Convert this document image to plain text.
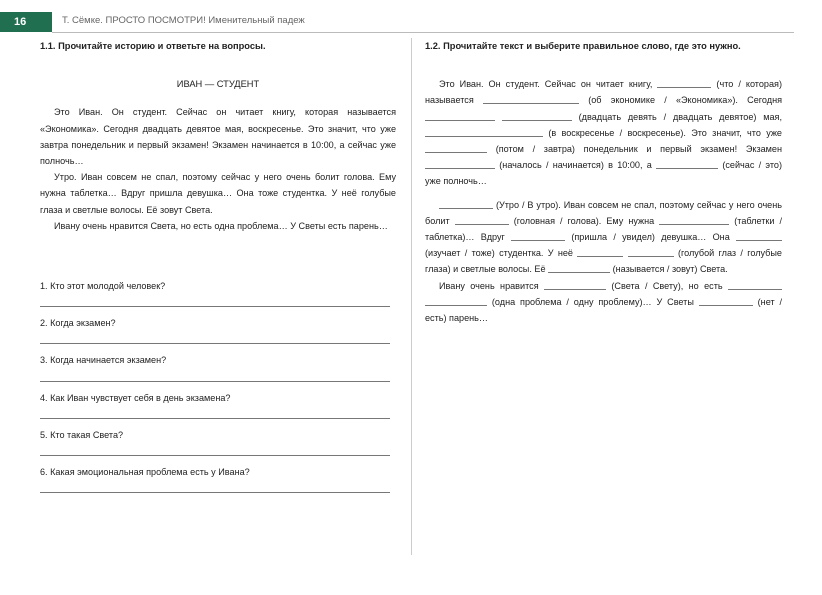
16	Т. Сёмке. ПРОСТО ПОСМОТРИ! Именительный падеж

1.1. Прочитайте историю и ответьте на вопросы.

ИВАН — СТУДЕНТ

Это Иван. Он студент. Сейчас он читает книгу, которая называется «Экономика». Сегодня двадцать девятое мая, воскресенье. Это значит, что уже завтра понедельник и первый экзамен! Экзамен начинается в 10:00, а сейчас уже полночь…

Утро. Иван совсем не спал, поэтому сейчас у него очень болит голова. Ему нужна таблетка… Вдруг пришла девушка… Она тоже студентка. У неё голубые глаза и светлые волосы. Её зовут Света.

Ивану очень нравится Света, но есть одна проблема… У Светы есть парень…

1. Кто этот молодой человек?

2. Когда экзамен?

3. Когда начинается экзамен?

4. Как Иван чувствует себя в день экзамена?

5. Кто такая Света?

6. Какая эмоциональная проблема есть у Ивана?

1.2. Прочитайте текст и выберите правильное слово, где это нужно.

Это Иван. Он студент. Сейчас он читает книгу,	(что / которая) называется	(об экономике / «Экономика»). Сегодня   (двадцать девять / двадцать девятое) мая,  (в воскресенье / воскресенье). Это значит, что уже  (потом / завтра) понедельник и первый экзамен! Экзамен  (началось / начинается) в 10:00, а	(сейчас / это) уже полночь…

(Утро / В утро). Иван совсем не спал, поэтому сейчас у него очень болит	(головная / голова). Ему нужна	(таблетки / таблетка)… Вдруг	(пришла / увидел) девушка… Она  (изучает / тоже) студентка. У неё	(голубой глаз / голубые глаза) и светлые волосы. Её	(называется / зовут) Света.

Ивану очень нравится	(Света / Свету), но есть   (одна проблема / одну проблему)… У Светы	(нет / есть) парень…
